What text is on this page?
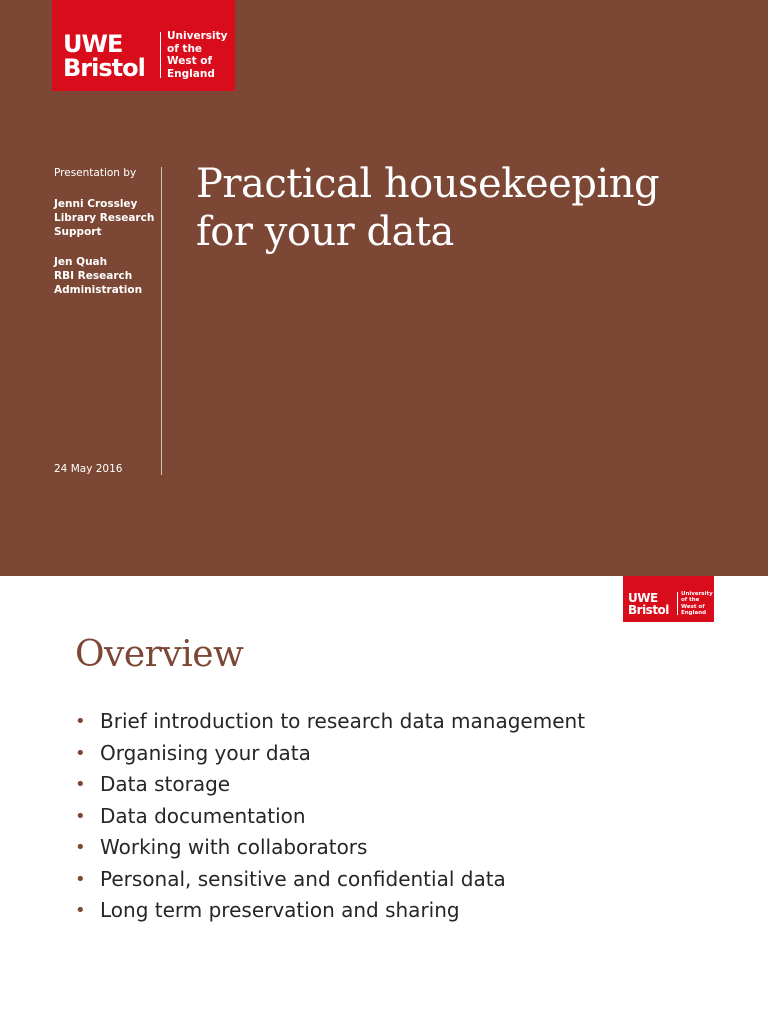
UWE
Bristol
University
of the
West of
England
Presentation by
Jenni Crossley
Library Research
Support
Jen Quah
RBI Research
Administration
24 May 2016
Practical housekeeping
for your data
UWE
Bristol
University
of the
West of
England
Overview
• Brief introduction to research data management
• Organising your data
• Data storage
• Data documentation
• Working with collaborators
• Personal, sensitive and confidential data
• Long term preservation and sharing
